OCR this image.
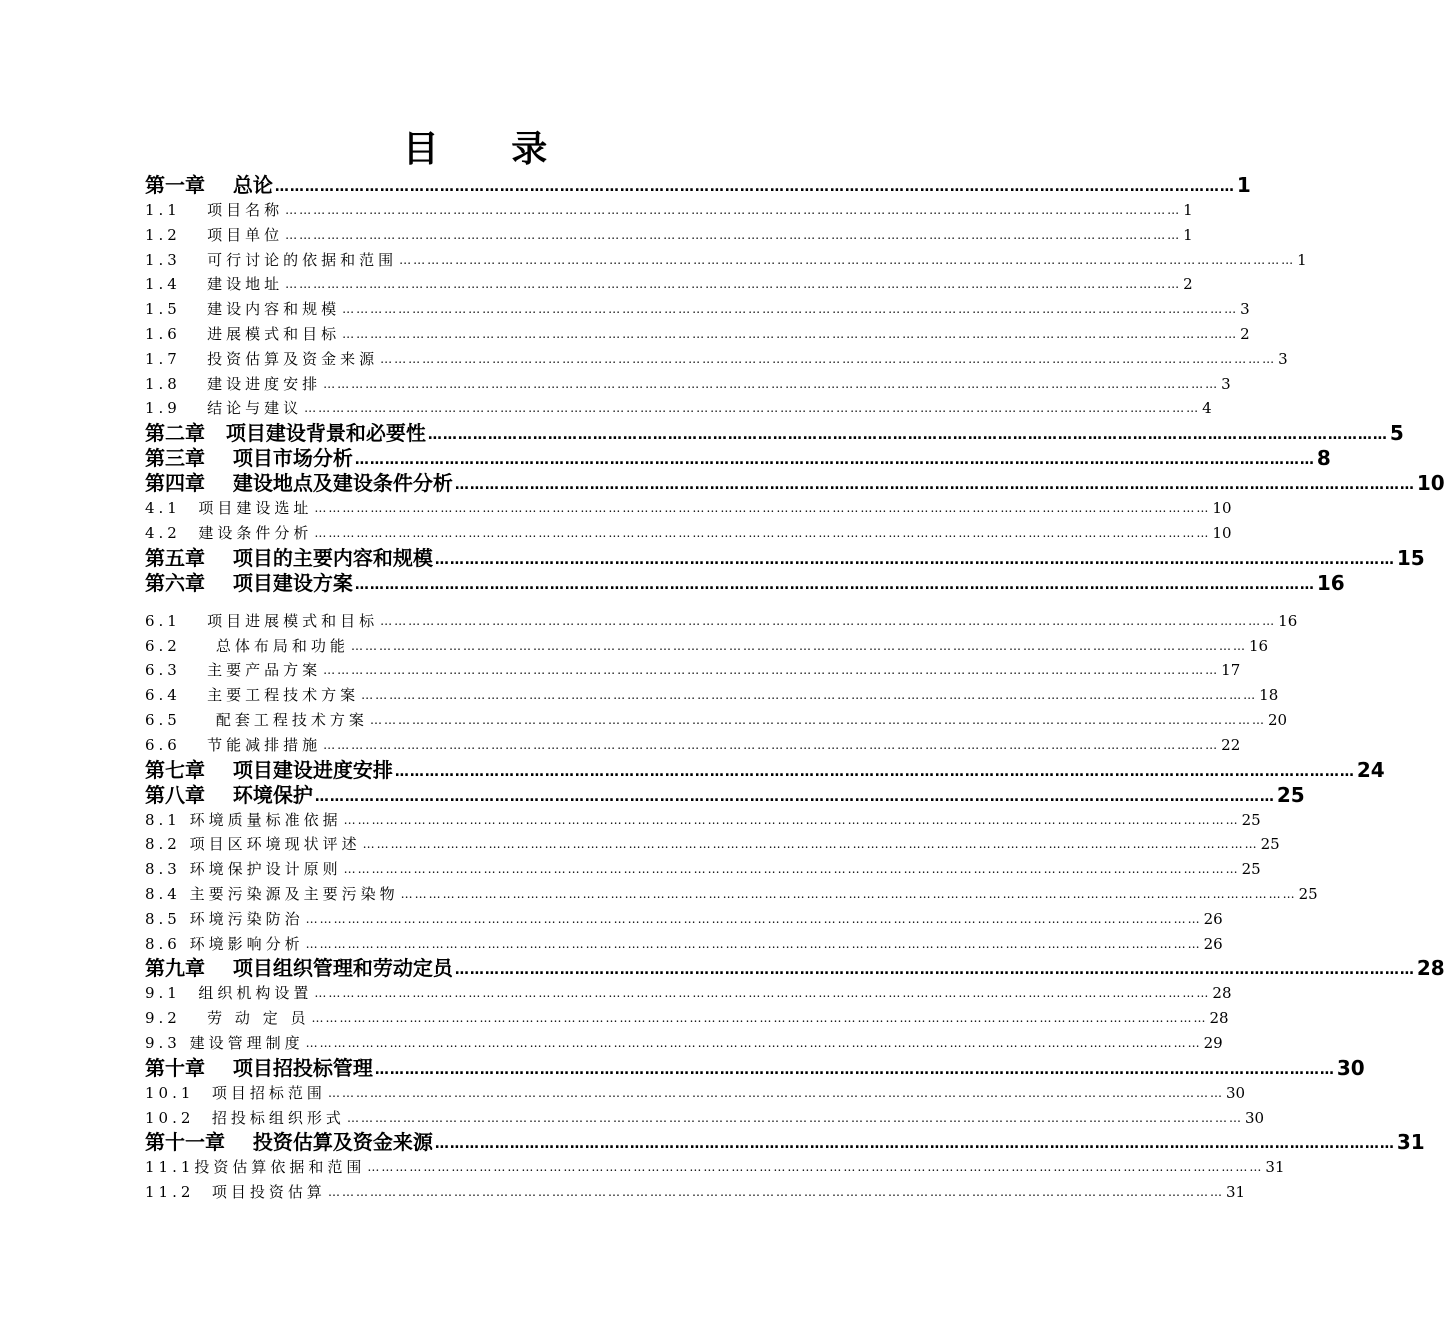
目 录
第一章    总论 ………………………………………………………………………………………………………………………………………………………………………… 1
1.1   项目名称 ………………………………………………………………………………………………………………………………………………………………………… 1
1.2   项目单位 ………………………………………………………………………………………………………………………………………………………………………… 1
1.3   可行讨论的依据和范围 ………………………………………………………………………………………………………………………………………………………………………… 1
1.4   建设地址 ………………………………………………………………………………………………………………………………………………………………………… 2
1.5   建设内容和规模 ………………………………………………………………………………………………………………………………………………………………………… 3
1.6   进展模式和目标 ………………………………………………………………………………………………………………………………………………………………………… 2
1.7   投资估算及资金来源 ………………………………………………………………………………………………………………………………………………………………………… 3
1.8   建设进度安排 ………………………………………………………………………………………………………………………………………………………………………… 3
1.9   结论与建议 ………………………………………………………………………………………………………………………………………………………………………… 4
第二章   项目建设背景和必要性 ………………………………………………………………………………………………………………………………………………………………………… 5
第三章    项目市场分析 ………………………………………………………………………………………………………………………………………………………………………… 8
第四章    建设地点及建设条件分析 ………………………………………………………………………………………………………………………………………………………………………… 10
4.1  项目建设选址 ………………………………………………………………………………………………………………………………………………………………………… 10
4.2  建设条件分析 ………………………………………………………………………………………………………………………………………………………………………… 10
第五章    项目的主要内容和规模 ………………………………………………………………………………………………………………………………………………………………………… 15
第六章    项目建设方案 ………………………………………………………………………………………………………………………………………………………………………… 16
6.1   项目进展模式和目标 ………………………………………………………………………………………………………………………………………………………………………… 16
6.2    总体布局和功能 ………………………………………………………………………………………………………………………………………………………………………… 16
6.3   主要产品方案 ………………………………………………………………………………………………………………………………………………………………………… 17
6.4   主要工程技术方案 ………………………………………………………………………………………………………………………………………………………………………… 18
6.5    配套工程技术方案 ………………………………………………………………………………………………………………………………………………………………………… 20
6.6   节能减排措施 ………………………………………………………………………………………………………………………………………………………………………… 22
第七章    项目建设进度安排 ………………………………………………………………………………………………………………………………………………………………………… 24
第八章    环境保护 ………………………………………………………………………………………………………………………………………………………………………… 25
8.1 环境质量标准依据 ………………………………………………………………………………………………………………………………………………………………………… 25
8.2 项目区环境现状评述 ………………………………………………………………………………………………………………………………………………………………………… 25
8.3 环境保护设计原则 ………………………………………………………………………………………………………………………………………………………………………… 25
8.4 主要污染源及主要污染物 ………………………………………………………………………………………………………………………………………………………………………… 25
8.5 环境污染防治 ………………………………………………………………………………………………………………………………………………………………………… 26
8.6 环境影响分析 ………………………………………………………………………………………………………………………………………………………………………… 26
第九章    项目组织管理和劳动定员 ………………………………………………………………………………………………………………………………………………………………………… 28
9.1  组织机构设置 ………………………………………………………………………………………………………………………………………………………………………… 28
9.2   劳 动 定 员 ………………………………………………………………………………………………………………………………………………………………………… 28
9.3 建设管理制度 ………………………………………………………………………………………………………………………………………………………………………… 29
第十章    项目招投标管理 ………………………………………………………………………………………………………………………………………………………………………… 30
10.1  项目招标范围 ………………………………………………………………………………………………………………………………………………………………………… 30
10.2  招投标组织形式 ………………………………………………………………………………………………………………………………………………………………………… 30
第十一章    投资估算及资金来源 ………………………………………………………………………………………………………………………………………………………………………… 31
11.1投资估算依据和范围 ………………………………………………………………………………………………………………………………………………………………………… 31
11.2  项目投资估算 ………………………………………………………………………………………………………………………………………………………………………… 31
